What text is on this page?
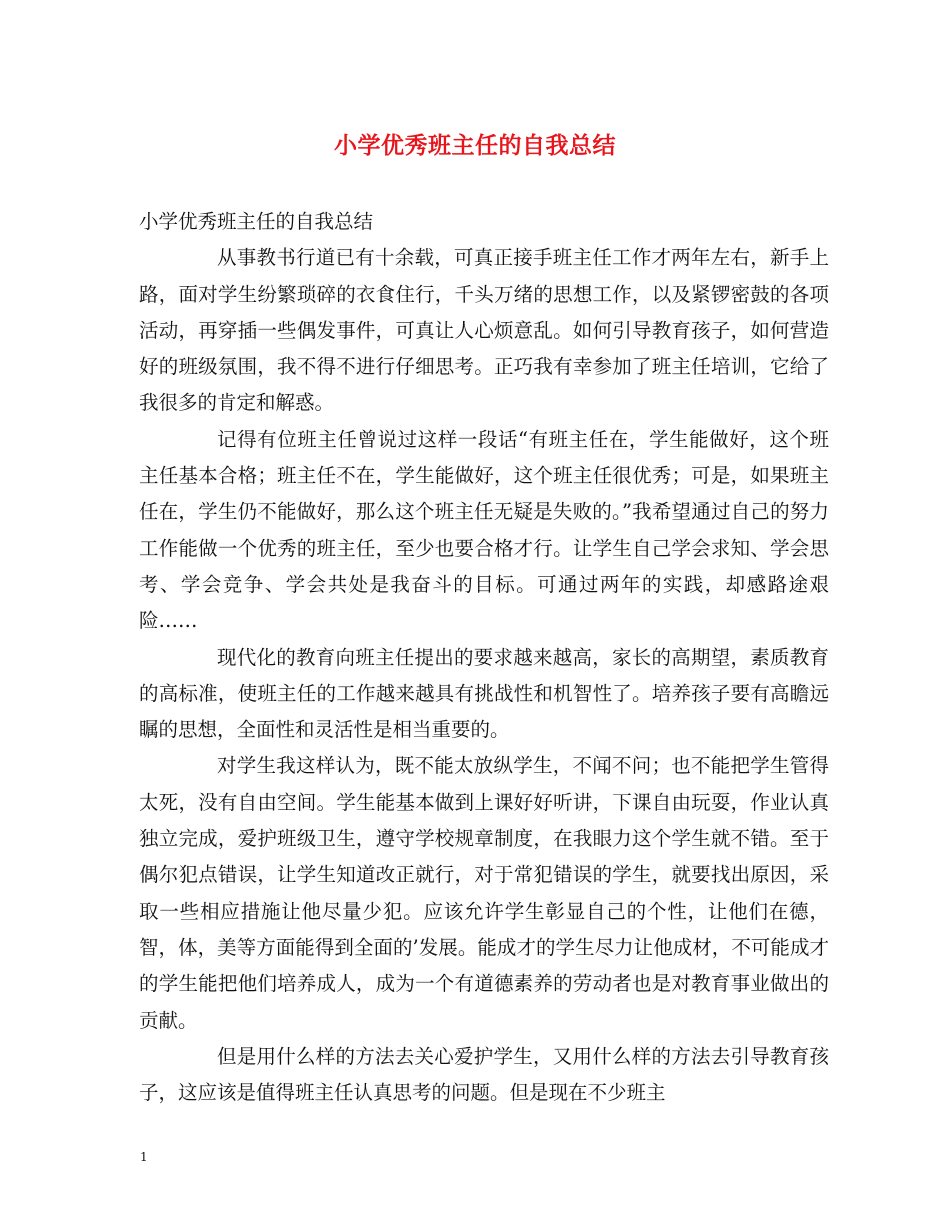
小学优秀班主任的自我总结

小学优秀班主任的自我总结

从事教书行道已有十余载，可真正接手班主任工作才两年左右，新手上路，面对学生纷繁琐碎的衣食住行，千头万绪的思想工作，以及紧锣密鼓的各项活动，再穿插一些偶发事件，可真让人心烦意乱。如何引导教育孩子，如何营造好的班级氛围，我不得不进行仔细思考。正巧我有幸参加了班主任培训，它给了我很多的肯定和解惑。

记得有位班主任曾说过这样一段话“有班主任在，学生能做好，这个班主任基本合格；班主任不在，学生能做好，这个班主任很优秀；可是，如果班主任在，学生仍不能做好，那么这个班主任无疑是失败的。”我希望通过自己的努力工作能做一个优秀的班主任，至少也要合格才行。让学生自己学会求知、学会思考、学会竞争、学会共处是我奋斗的目标。可通过两年的实践，却感路途艰险……

现代化的教育向班主任提出的要求越来越高，家长的高期望，素质教育的高标准，使班主任的工作越来越具有挑战性和机智性了。培养孩子要有高瞻远瞩的思想，全面性和灵活性是相当重要的。

对学生我这样认为，既不能太放纵学生，不闻不问；也不能把学生管得太死，没有自由空间。学生能基本做到上课好好听讲，下课自由玩耍，作业认真独立完成，爱护班级卫生，遵守学校规章制度，在我眼力这个学生就不错。至于偶尔犯点错误，让学生知道改正就行，对于常犯错误的学生，就要找出原因，采取一些相应措施让他尽量少犯。应该允许学生彰显自己的个性，让他们在德，智，体，美等方面能得到全面的’发展。能成才的学生尽力让他成材，不可能成才的学生能把他们培养成人，成为一个有道德素养的劳动者也是对教育事业做出的贡献。

但是用什么样的方法去关心爱护学生，又用什么样的方法去引导教育孩子，这应该是值得班主任认真思考的问题。但是现在不少班主

1
